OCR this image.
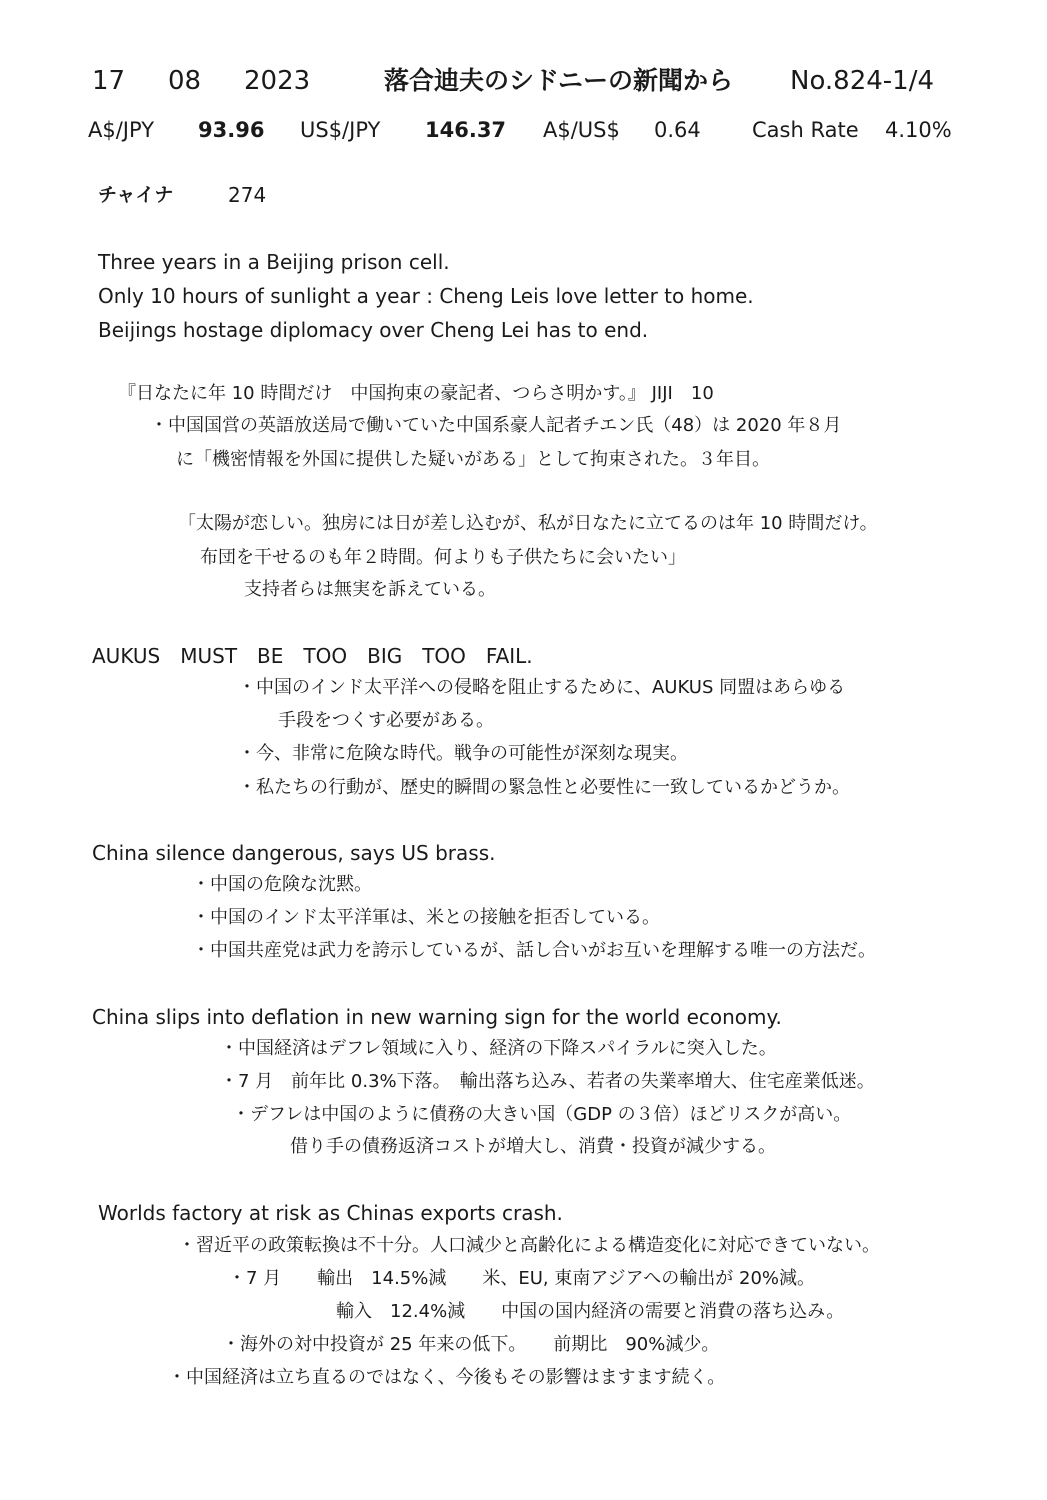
17 08 2023	落合迪夫のシドニーの新聞から No.824-1/4
A$/JPY 93.96 US$/JPY 146.37 A$/US$ 0.64 Cash Rate 4.10%
チャイナ	274
Three years in a Beijing prison cell.
Only 10 hours of sunlight a year : Cheng Leis love letter to home.
Beijings hostage diplomacy over Cheng Lei has to end.
『日なたに年 10 時間だけ　中国拘束の豪記者、つらさ明かす。』 JIJI　10
・中国国営の英語放送局で働いていた中国系豪人記者チエン氏（48）は 2020 年８月
に「機密情報を外国に提供した疑いがある」として拘束された。３年目。
「太陽が恋しい。独房には日が差し込むが、私が日なたに立てるのは年 10 時間だけ。
布団を干せるのも年２時間。何よりも子供たちに会いたい」
支持者らは無実を訴えている。
AUKUS　MUST　BE　TOO　BIG　TOO　FAIL.
・中国のインド太平洋への侵略を阻止するために、AUKUS 同盟はあらゆる
手段をつくす必要がある。
・今、非常に危険な時代。戦争の可能性が深刻な現実。
・私たちの行動が、歴史的瞬間の緊急性と必要性に一致しているかどうか。
China silence dangerous, says US brass.
・中国の危険な沈黙。
・中国のインド太平洋軍は、米との接触を拒否している。
・中国共産党は武力を誇示しているが、話し合いがお互いを理解する唯一の方法だ。
China slips into deflation in new warning sign for the world economy.
・中国経済はデフレ領域に入り、経済の下降スパイラルに突入した。
・7 月　前年比 0.3%下落。　輸出落ち込み、若者の失業率増大、住宅産業低迷。
・デフレは中国のように債務の大きい国（GDP の３倍）ほどリスクが高い。
借り手の債務返済コストが増大し、消費・投資が減少する。
Worlds factory at risk as Chinas exports crash.
・習近平の政策転換は不十分。人口減少と高齢化による構造変化に対応できていない。
・7 月　　輸出　14.5%減　　米、EU, 東南アジアへの輸出が 20%減。
輸入　12.4%減　　中国の国内経済の需要と消費の落ち込み。
・海外の対中投資が 25 年来の低下。　　前期比　90%減少。
・中国経済は立ち直るのではなく、今後もその影響はますます続く。
